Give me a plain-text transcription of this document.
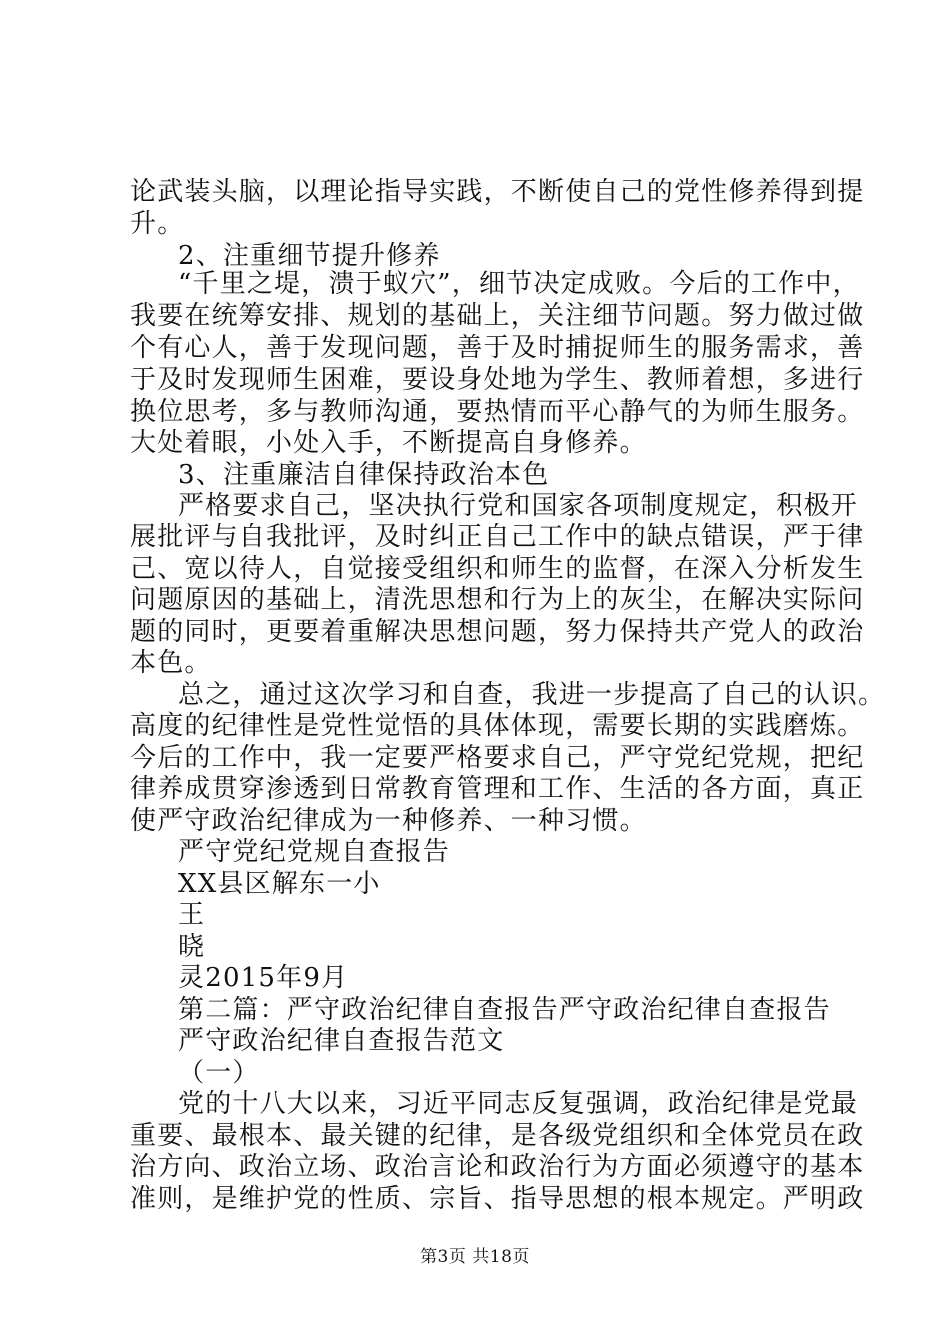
论武装头脑，以理论指导实践，不断使自己的党性修养得到提
升。
2、注重细节提升修养
“千里之堤，溃于蚁穴”，细节决定成败。今后的工作中，
我要在统筹安排、规划的基础上，关注细节问题。努力做过做
个有心人，善于发现问题，善于及时捕捉师生的服务需求，善
于及时发现师生困难，要设身处地为学生、教师着想，多进行
换位思考，多与教师沟通，要热情而平心静气的为师生服务。
大处着眼，小处入手，不断提高自身修养。
3、注重廉洁自律保持政治本色
严格要求自己，坚决执行党和国家各项制度规定，积极开
展批评与自我批评，及时纠正自己工作中的缺点错误，严于律
己、宽以待人，自觉接受组织和师生的监督，在深入分析发生
问题原因的基础上，清洗思想和行为上的灰尘，在解决实际问
题的同时，更要着重解决思想问题，努力保持共产党人的政治
本色。
总之，通过这次学习和自查，我进一步提高了自己的认识。
高度的纪律性是党性觉悟的具体体现，需要长期的实践磨炼。
今后的工作中，我一定要严格要求自己，严守党纪党规，把纪
律养成贯穿渗透到日常教育管理和工作、生活的各方面，真正
使严守政治纪律成为一种修养、一种习惯。
严守党纪党规自查报告
XX县区解东一小
王
晓
灵2015年9月
第二篇：严守政治纪律自查报告严守政治纪律自查报告
严守政治纪律自查报告范文
（一）
党的十八大以来，习近平同志反复强调，政治纪律是党最
重要、最根本、最关键的纪律，是各级党组织和全体党员在政
治方向、政治立场、政治言论和政治行为方面必须遵守的基本
准则，是维护党的性质、宗旨、指导思想的根本规定。严明政
第3页 共18页
